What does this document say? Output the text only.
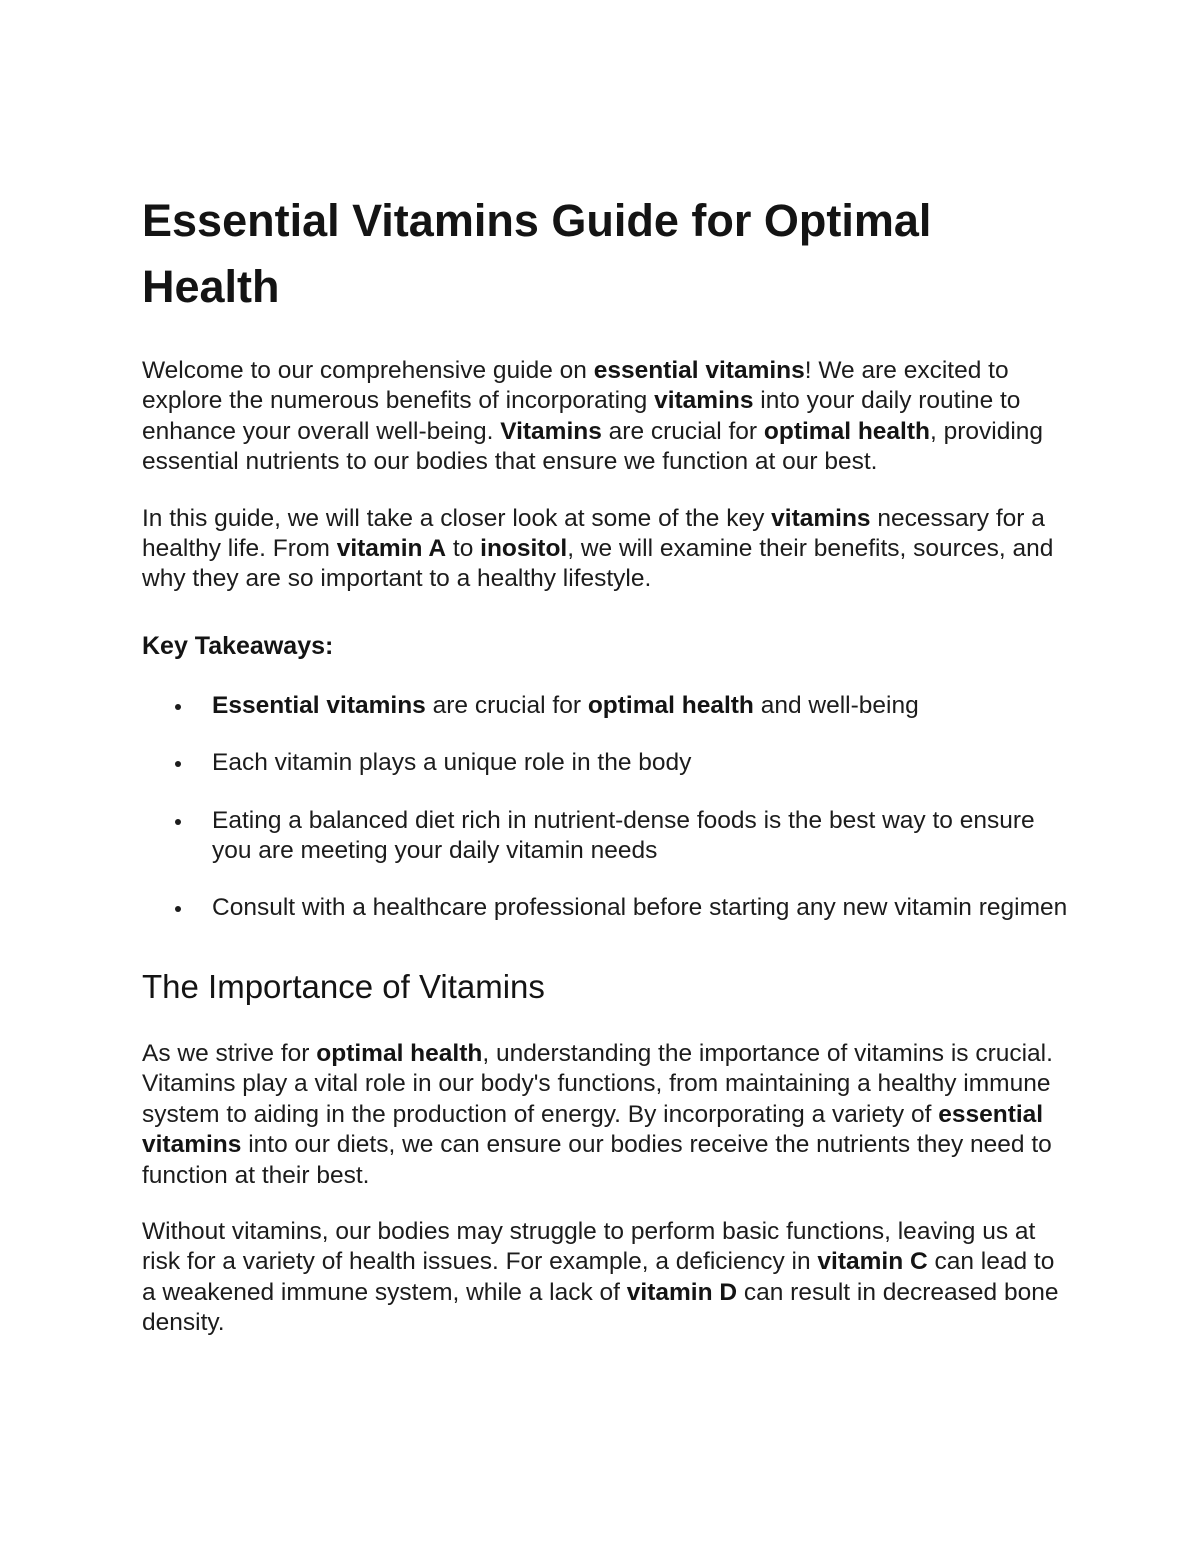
Essential Vitamins Guide for Optimal Health

Welcome to our comprehensive guide on essential vitamins! We are excited to explore the numerous benefits of incorporating vitamins into your daily routine to enhance your overall well-being. Vitamins are crucial for optimal health, providing essential nutrients to our bodies that ensure we function at our best.

In this guide, we will take a closer look at some of the key vitamins necessary for a healthy life. From vitamin A to inositol, we will examine their benefits, sources, and why they are so important to a healthy lifestyle.

Key Takeaways:
Essential vitamins are crucial for optimal health and well-being
Each vitamin plays a unique role in the body
Eating a balanced diet rich in nutrient-dense foods is the best way to ensure you are meeting your daily vitamin needs
Consult with a healthcare professional before starting any new vitamin regimen
The Importance of Vitamins

As we strive for optimal health, understanding the importance of vitamins is crucial. Vitamins play a vital role in our body's functions, from maintaining a healthy immune system to aiding in the production of energy. By incorporating a variety of essential vitamins into our diets, we can ensure our bodies receive the nutrients they need to function at their best.

Without vitamins, our bodies may struggle to perform basic functions, leaving us at risk for a variety of health issues. For example, a deficiency in vitamin C can lead to a weakened immune system, while a lack of vitamin D can result in decreased bone density.
